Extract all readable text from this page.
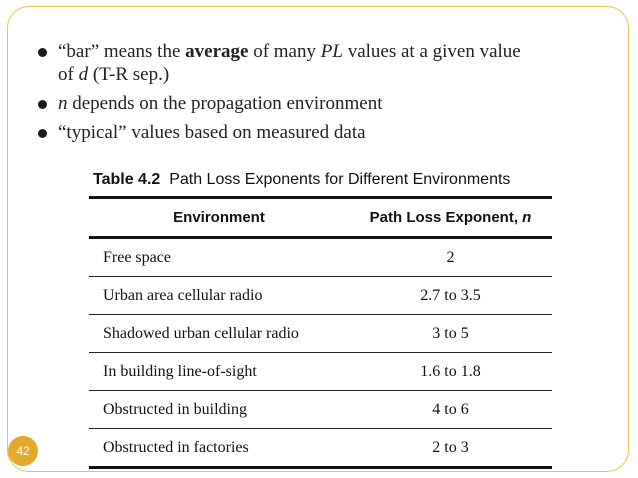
“bar” means the average of many PL values at a given value
of d (T-R sep.)
n depends on the propagation environment
“typical” values based on measured data
Table 4.2 Path Loss Exponents for Different Environments
Environment	Path Loss Exponent, n
Free space	2
Urban area cellular radio	2.7 to 3.5
Shadowed urban cellular radio	3 to 5
In building line-of-sight	1.6 to 1.8
Obstructed in building	4 to 6
Obstructed in factories	2 to 3
42
